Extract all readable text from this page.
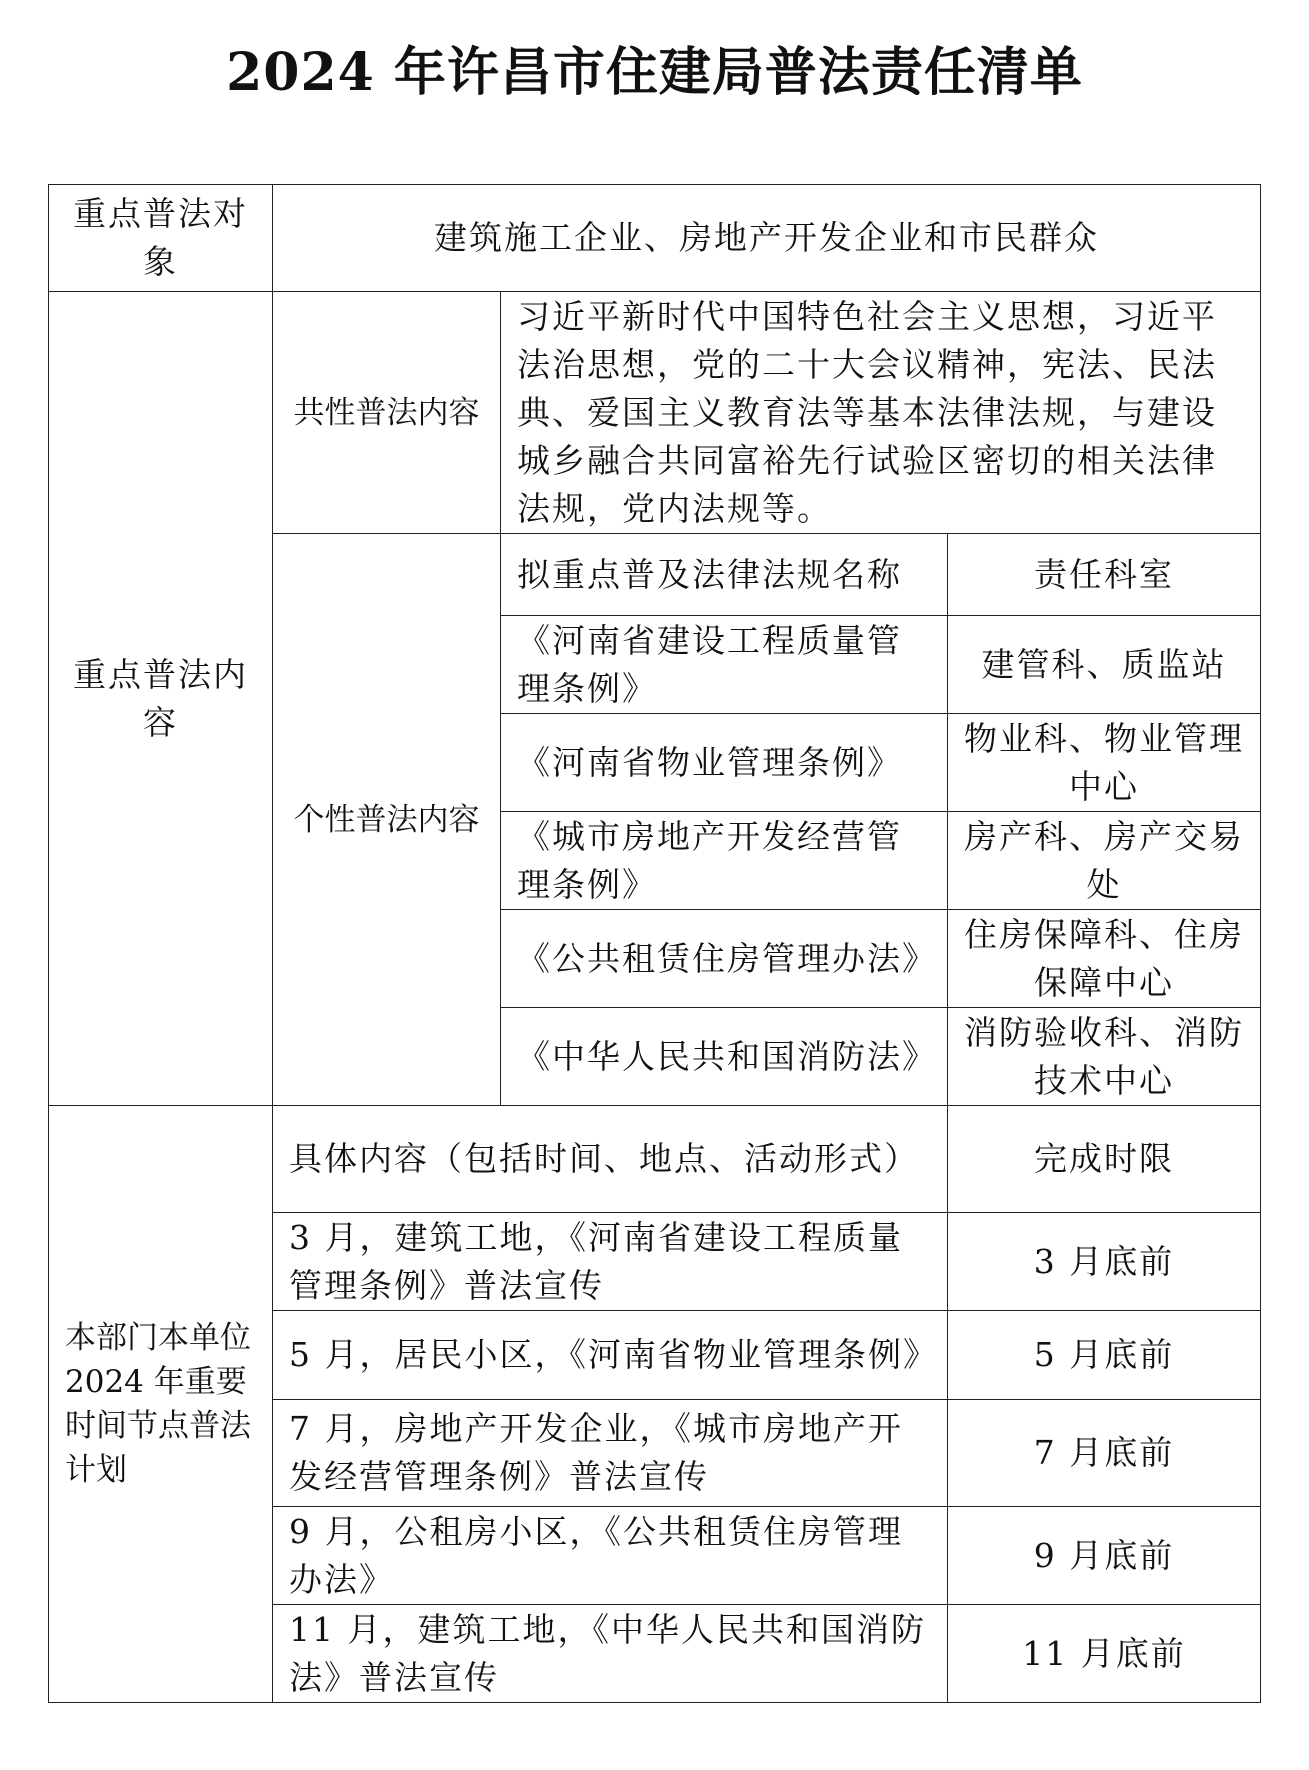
2024 年许昌市住建局普法责任清单
重点普法对象	建筑施工企业、房地产开发企业和市民群众		
重点普法内容	共性普法内容	习近平新时代中国特色社会主义思想，习近平法治思想，党的二十大会议精神，宪法、民法典、爱国主义教育法等基本法律法规，与建设城乡融合共同富裕先行试验区密切的相关法律法规，党内法规等。	
	个性普法内容	拟重点普及法律法规名称	责任科室
		《河南省建设工程质量管理条例》	建管科、质监站
		《河南省物业管理条例》	物业科、物业管理中心
		《城市房地产开发经营管理条例》	房产科、房产交易处
		《公共租赁住房管理办法》	住房保障科、住房保障中心
		《中华人民共和国消防法》	消防验收科、消防技术中心
本部门本单位 2024 年重要时间节点普法计划	具体内容（包括时间、地点、活动形式）		完成时限
	3 月，建筑工地，《河南省建设工程质量管理条例》普法宣传		3 月底前
	5 月，居民小区，《河南省物业管理条例》		5 月底前
	7 月，房地产开发企业，《城市房地产开发经营管理条例》普法宣传		7 月底前
	9 月，公租房小区，《公共租赁住房管理办法》		9 月底前
	11 月，建筑工地，《中华人民共和国消防法》普法宣传		11 月底前
